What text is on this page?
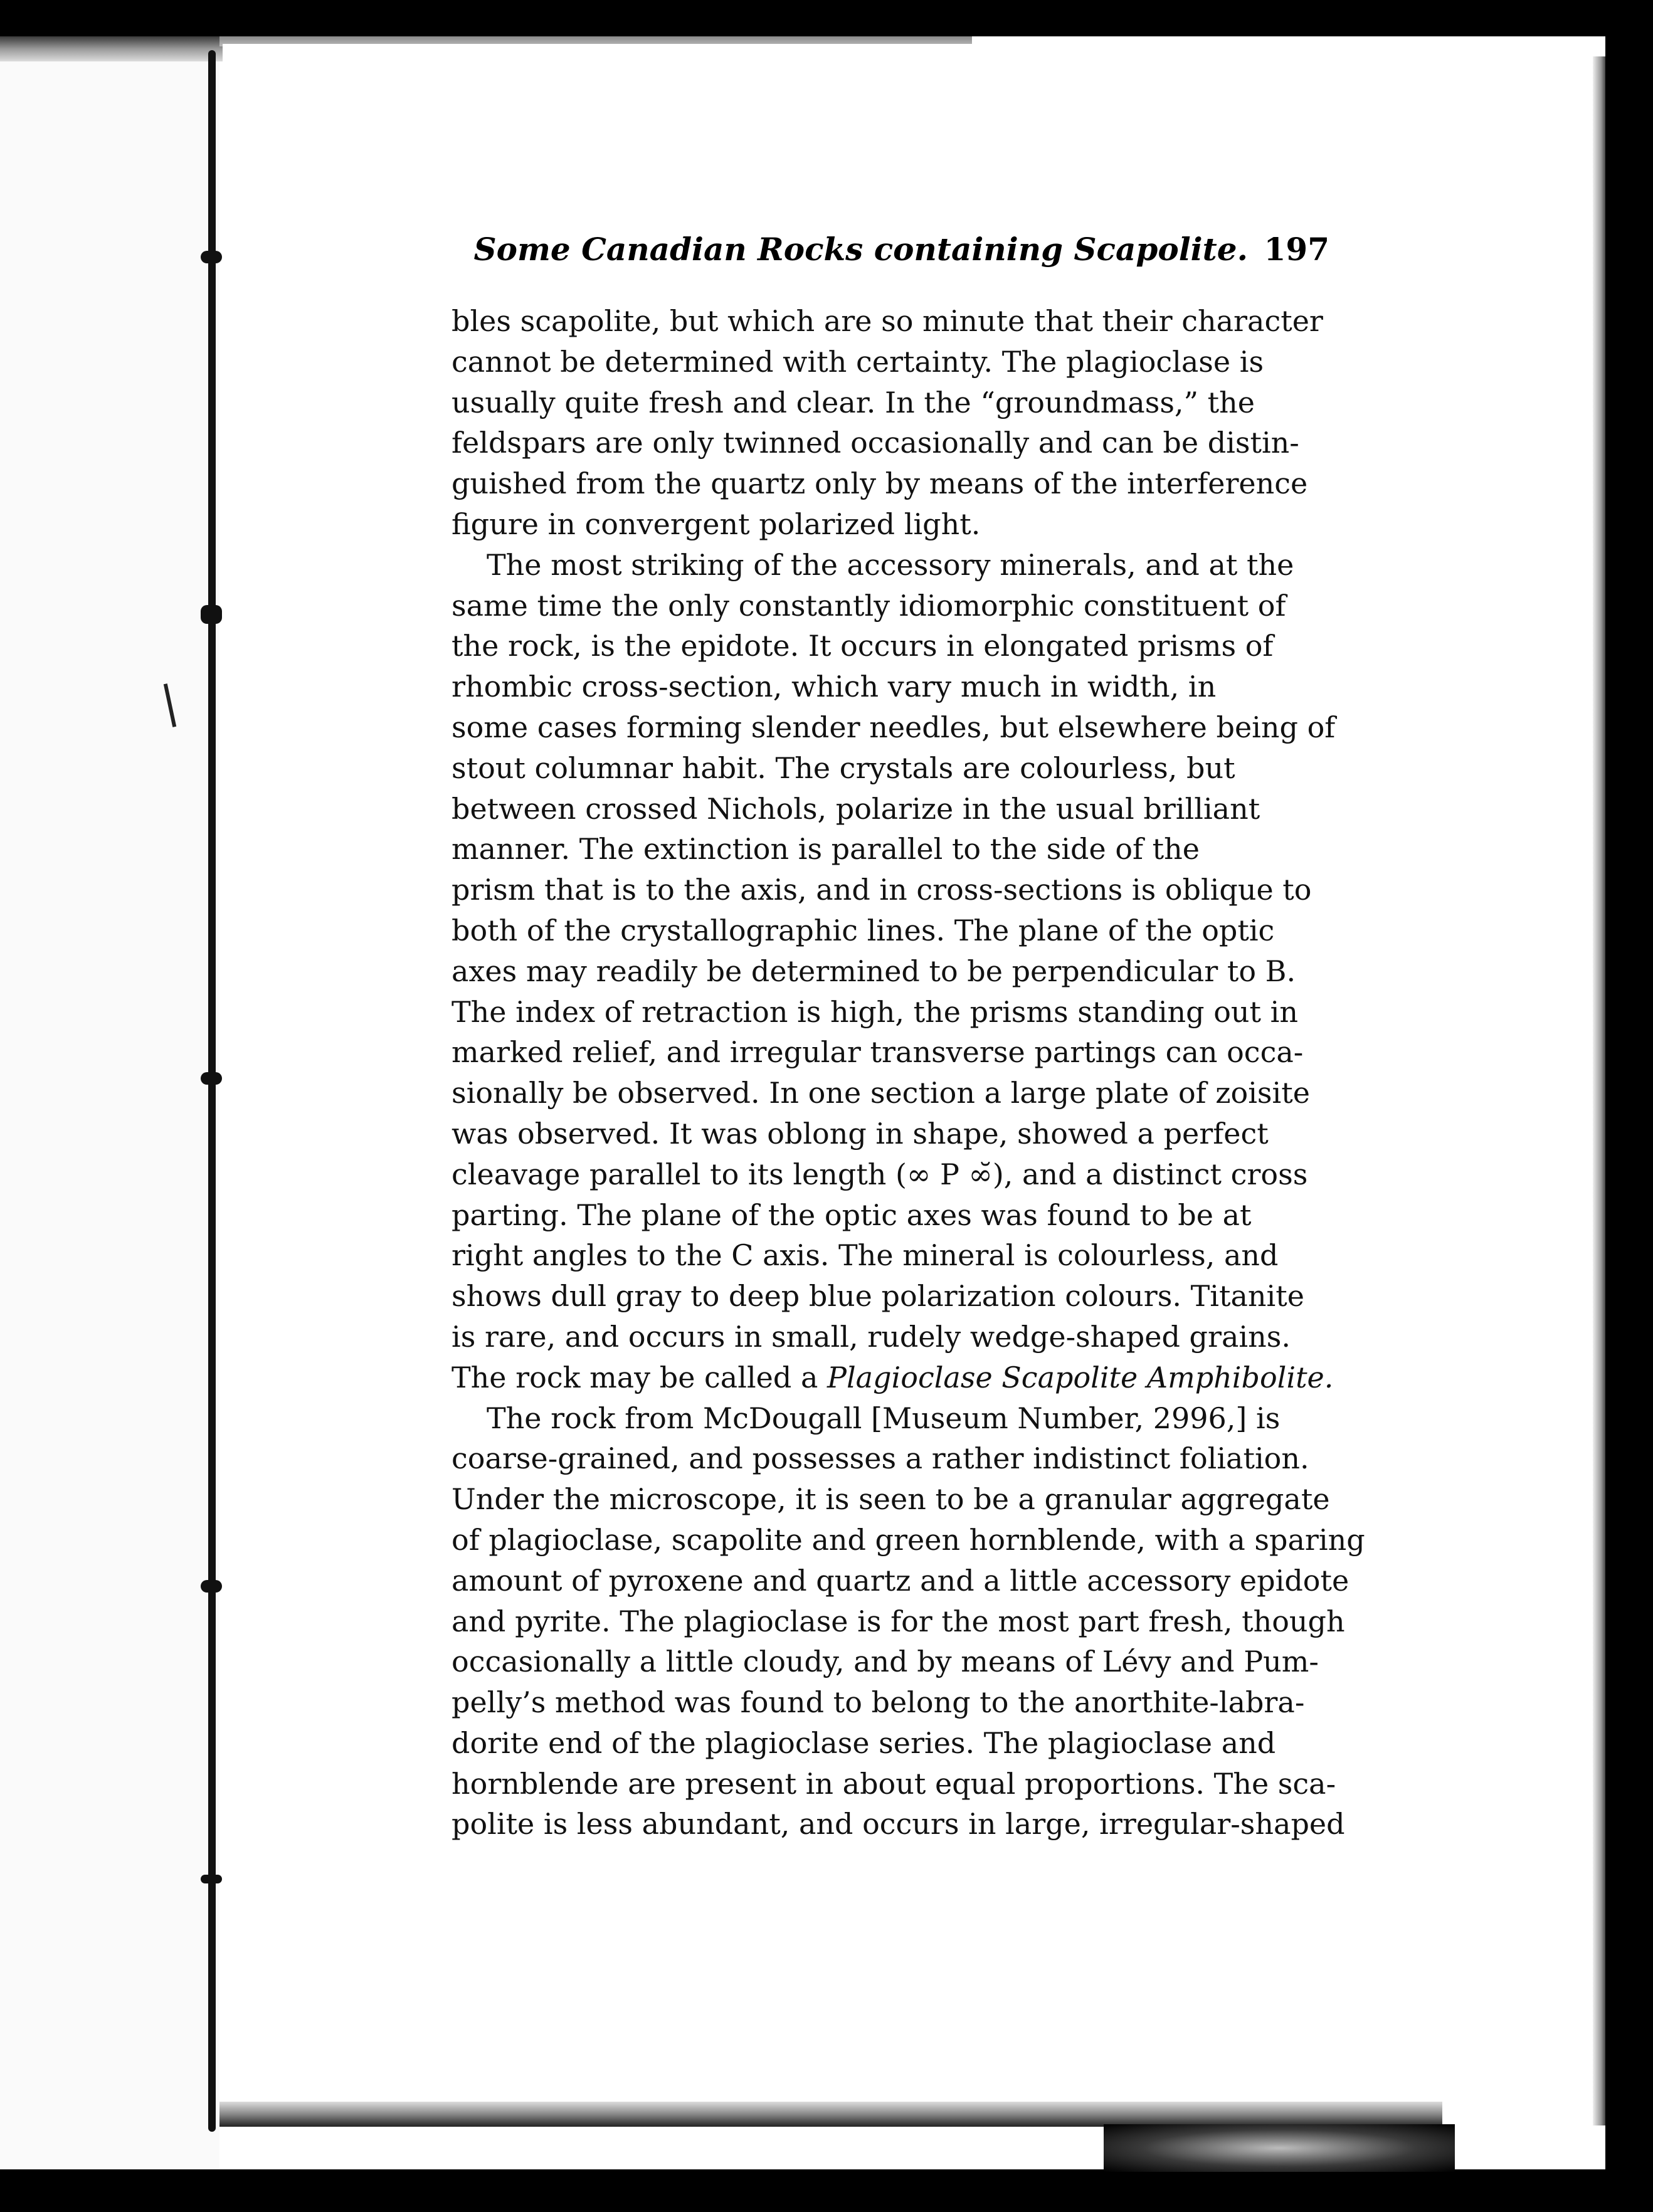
Some Canadian Rocks containing Scapolite. 197
bles scapolite, but which are so minute that their character
cannot be determined with certainty. The plagioclase is
usually quite fresh and clear. In the “groundmass,” the
feldspars are only twinned occasionally and can be distin-
guished from the quartz only by means of the interference
figure in convergent polarized light.
The most striking of the accessory minerals, and at the
same time the only constantly idiomorphic constituent of
the rock, is the epidote. It occurs in elongated prisms of
rhombic cross-section, which vary much in width, in
some cases forming slender needles, but elsewhere being of
stout columnar habit. The crystals are colourless, but
between crossed Nichols, polarize in the usual brilliant
manner. The extinction is parallel to the side of the
prism that is to the axis, and in cross-sections is oblique to
both of the crystallographic lines. The plane of the optic
axes may readily be determined to be perpendicular to B.
The index of retraction is high, the prisms standing out in
marked relief, and irregular transverse partings can occa-
sionally be observed. In one section a large plate of zoisite
was observed. It was oblong in shape, showed a perfect
cleavage parallel to its length (∞ P ∞̆), and a distinct cross
parting. The plane of the optic axes was found to be at
right angles to the C axis. The mineral is colourless, and
shows dull gray to deep blue polarization colours. Titanite
is rare, and occurs in small, rudely wedge-shaped grains.
The rock may be called a Plagioclase Scapolite Amphibolite.
The rock from McDougall [Museum Number, 2996,] is
coarse-grained, and possesses a rather indistinct foliation.
Under the microscope, it is seen to be a granular aggregate
of plagioclase, scapolite and green hornblende, with a sparing
amount of pyroxene and quartz and a little accessory epidote
and pyrite. The plagioclase is for the most part fresh, though
occasionally a little cloudy, and by means of Lévy and Pum-
pelly’s method was found to belong to the anorthite-labra-
dorite end of the plagioclase series. The plagioclase and
hornblende are present in about equal proportions. The sca-
polite is less abundant, and occurs in large, irregular-shaped
